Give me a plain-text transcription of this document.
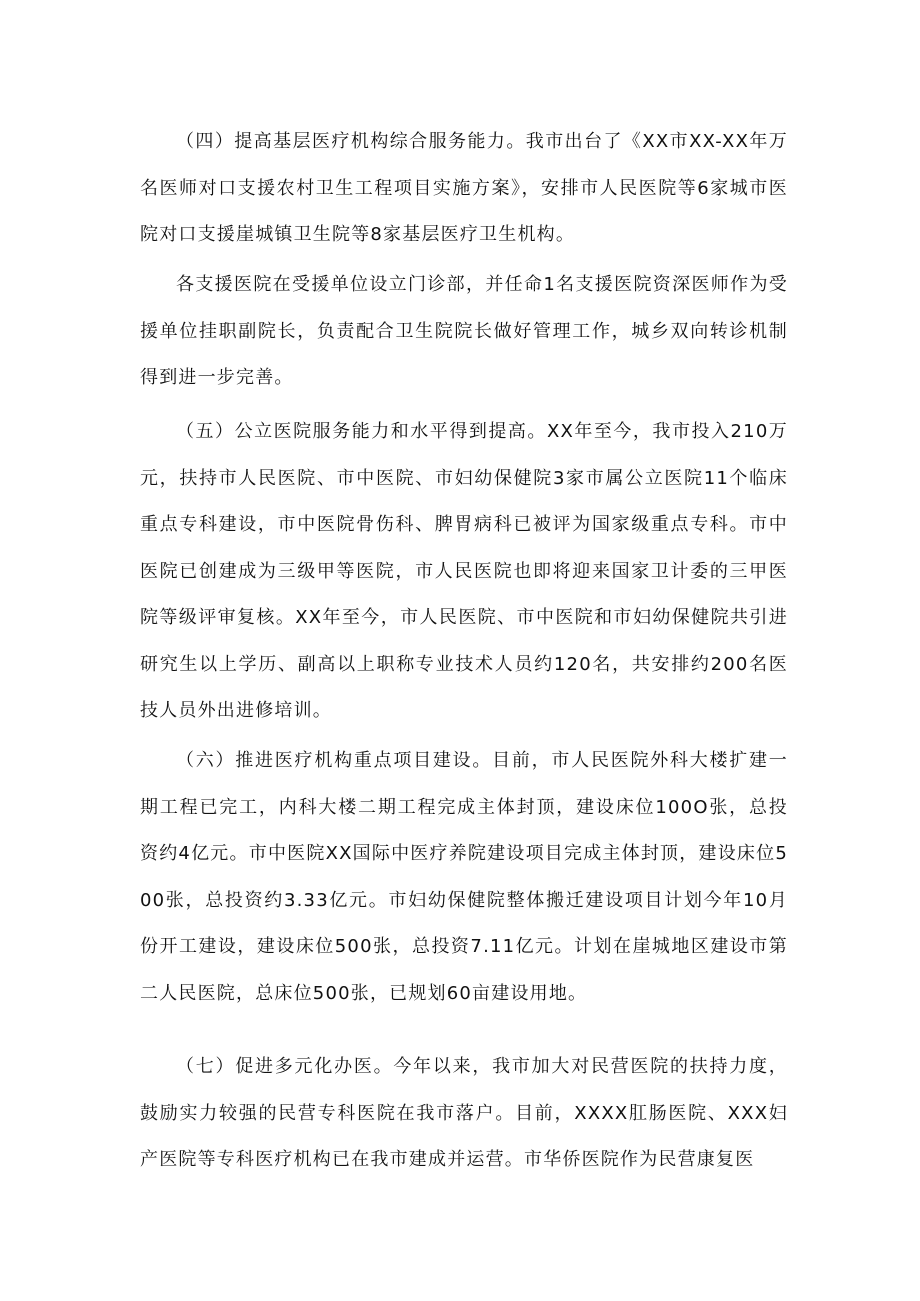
（四）提高基层医疗机构综合服务能力。我市出台了《XX市XX-XX年万名医师对口支援农村卫生工程项目实施方案》，安排市人民医院等6家城市医院对口支援崖城镇卫生院等8家基层医疗卫生机构。

各支援医院在受援单位设立门诊部，并任命1名支援医院资深医师作为受援单位挂职副院长，负责配合卫生院院长做好管理工作，城乡双向转诊机制得到进一步完善。

（五）公立医院服务能力和水平得到提高。XX年至今，我市投入210万元，扶持市人民医院、市中医院、市妇幼保健院3家市属公立医院11个临床重点专科建设，市中医院骨伤科、脾胃病科已被评为国家级重点专科。市中医院已创建成为三级甲等医院，市人民医院也即将迎来国家卫计委的三甲医院等级评审复核。XX年至今，市人民医院、市中医院和市妇幼保健院共引进研究生以上学历、副高以上职称专业技术人员约120名，共安排约200名医技人员外出进修培训。

（六）推进医疗机构重点项目建设。目前，市人民医院外科大楼扩建一期工程已完工，内科大楼二期工程完成主体封顶，建设床位100O张，总投资约4亿元。市中医院XX国际中医疗养院建设项目完成主体封顶，建设床位500张，总投资约3.33亿元。市妇幼保健院整体搬迁建设项目计划今年10月份开工建设，建设床位500张，总投资7.11亿元。计划在崖城地区建设市第二人民医院，总床位500张，已规划60亩建设用地。

（七）促进多元化办医。今年以来，我市加大对民营医院的扶持力度，鼓励实力较强的民营专科医院在我市落户。目前，XXXX肛肠医院、XXX妇产医院等专科医疗机构已在我市建成并运营。市华侨医院作为民营康复医
